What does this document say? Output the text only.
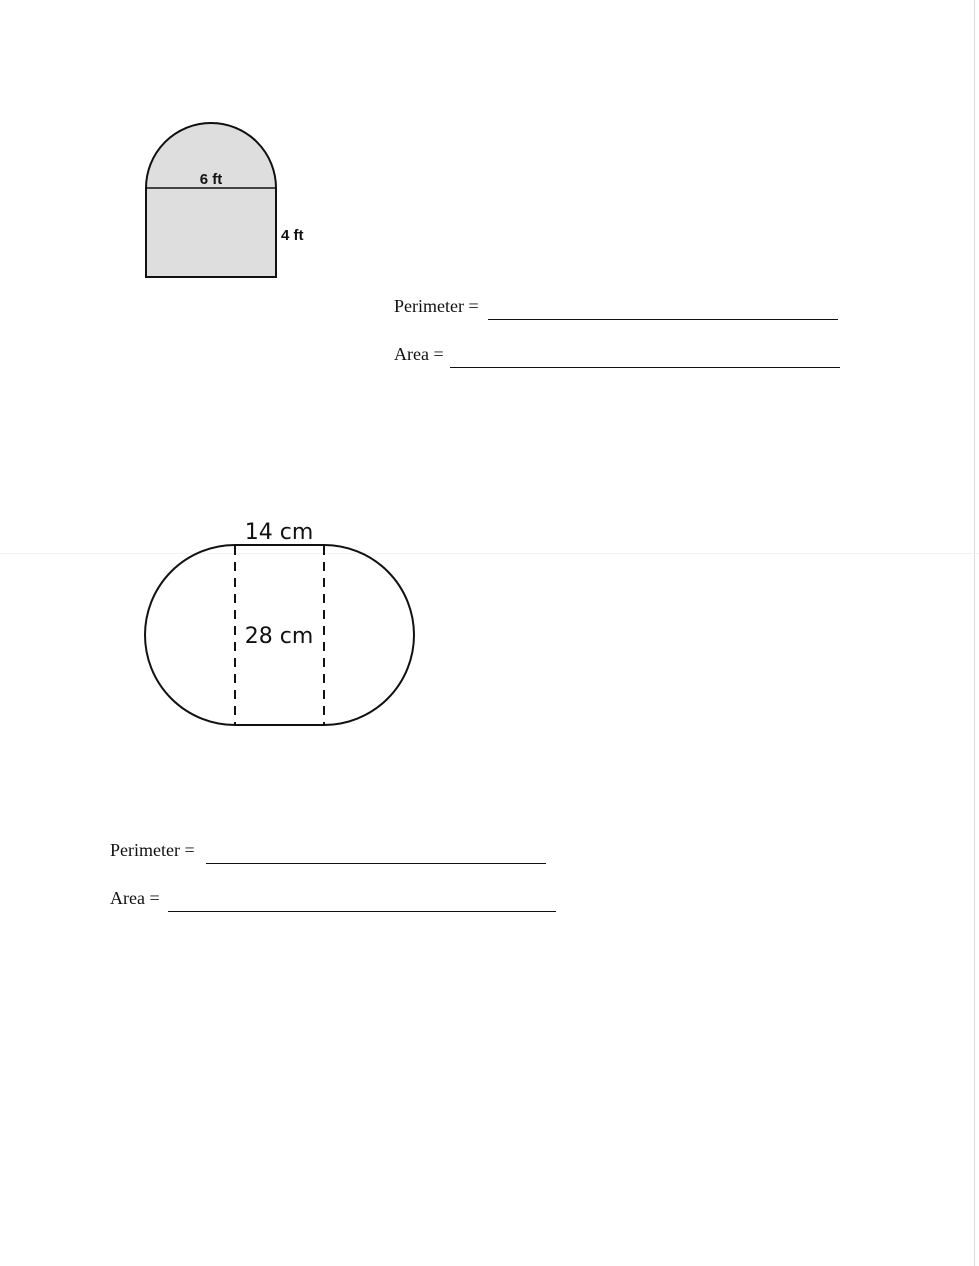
6 ft
4 ft
Perimeter =
Area =
14 cm
28 cm
Perimeter =
Area =
